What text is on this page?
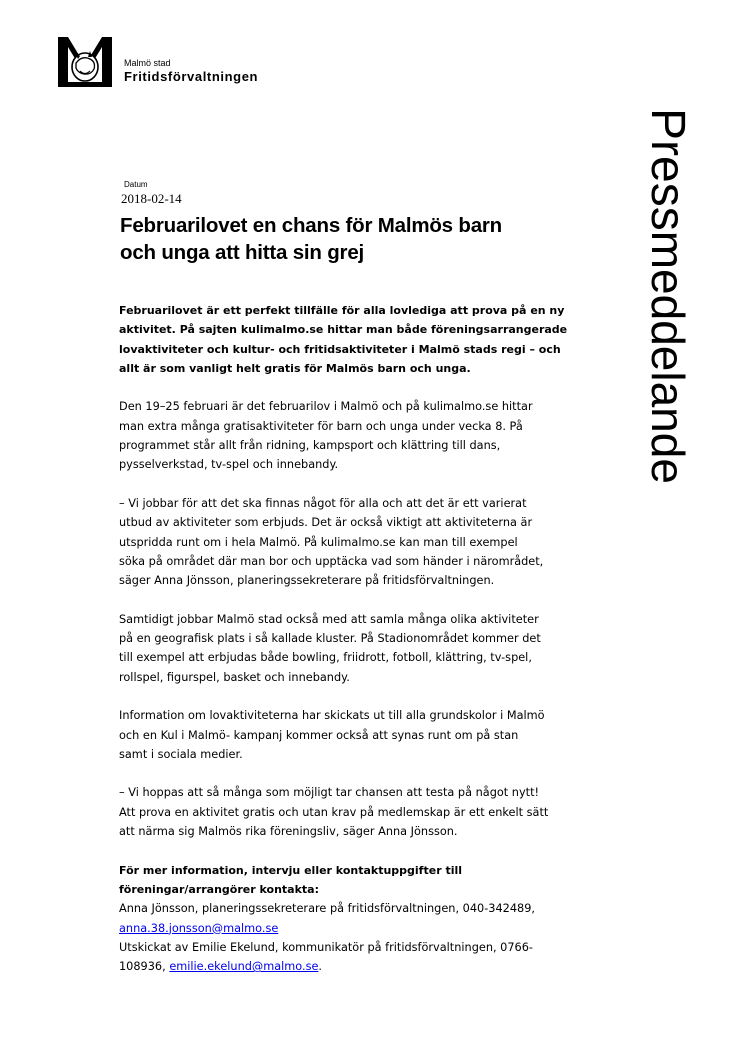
Malmö stad
Fritidsförvaltningen
Pressmeddelande
Datum
2018-02-14
Februarilovet en chans för Malmös barn
och unga att hitta sin grej

Februarilovet är ett perfekt tillfälle för alla lovlediga att prova på en ny
aktivitet. På sajten kulimalmo.se hittar man både föreningsarrangerade
lovaktiviteter och kultur- och fritidsaktiviteter i Malmö stads regi – och
allt är som vanligt helt gratis för Malmös barn och unga.

Den 19–25 februari är det februarilov i Malmö och på kulimalmo.se hittar
man extra många gratisaktiviteter för barn och unga under vecka 8. På
programmet står allt från ridning, kampsport och klättring till dans,
pysselverkstad, tv-spel och innebandy.

– Vi jobbar för att det ska finnas något för alla och att det är ett varierat
utbud av aktiviteter som erbjuds. Det är också viktigt att aktiviteterna är
utspridda runt om i hela Malmö. På kulimalmo.se kan man till exempel
söka på området där man bor och upptäcka vad som händer i närområdet,
säger Anna Jönsson, planeringssekreterare på fritidsförvaltningen.

Samtidigt jobbar Malmö stad också med att samla många olika aktiviteter
på en geografisk plats i så kallade kluster. På Stadionområdet kommer det
till exempel att erbjudas både bowling, friidrott, fotboll, klättring, tv-spel,
rollspel, figurspel, basket och innebandy.

Information om lovaktiviteterna har skickats ut till alla grundskolor i Malmö
och en Kul i Malmö- kampanj kommer också att synas runt om på stan
samt i sociala medier.

– Vi hoppas att så många som möjligt tar chansen att testa på något nytt!
Att prova en aktivitet gratis och utan krav på medlemskap är ett enkelt sätt
att närma sig Malmös rika föreningsliv, säger Anna Jönsson.

För mer information, intervju eller kontaktuppgifter till
föreningar/arrangörer kontakta:
Anna Jönsson, planeringssekreterare på fritidsförvaltningen, 040-342489,
anna.38.jonsson@malmo.se
Utskickat av Emilie Ekelund, kommunikatör på fritidsförvaltningen, 0766-
108936, emilie.ekelund@malmo.se.
